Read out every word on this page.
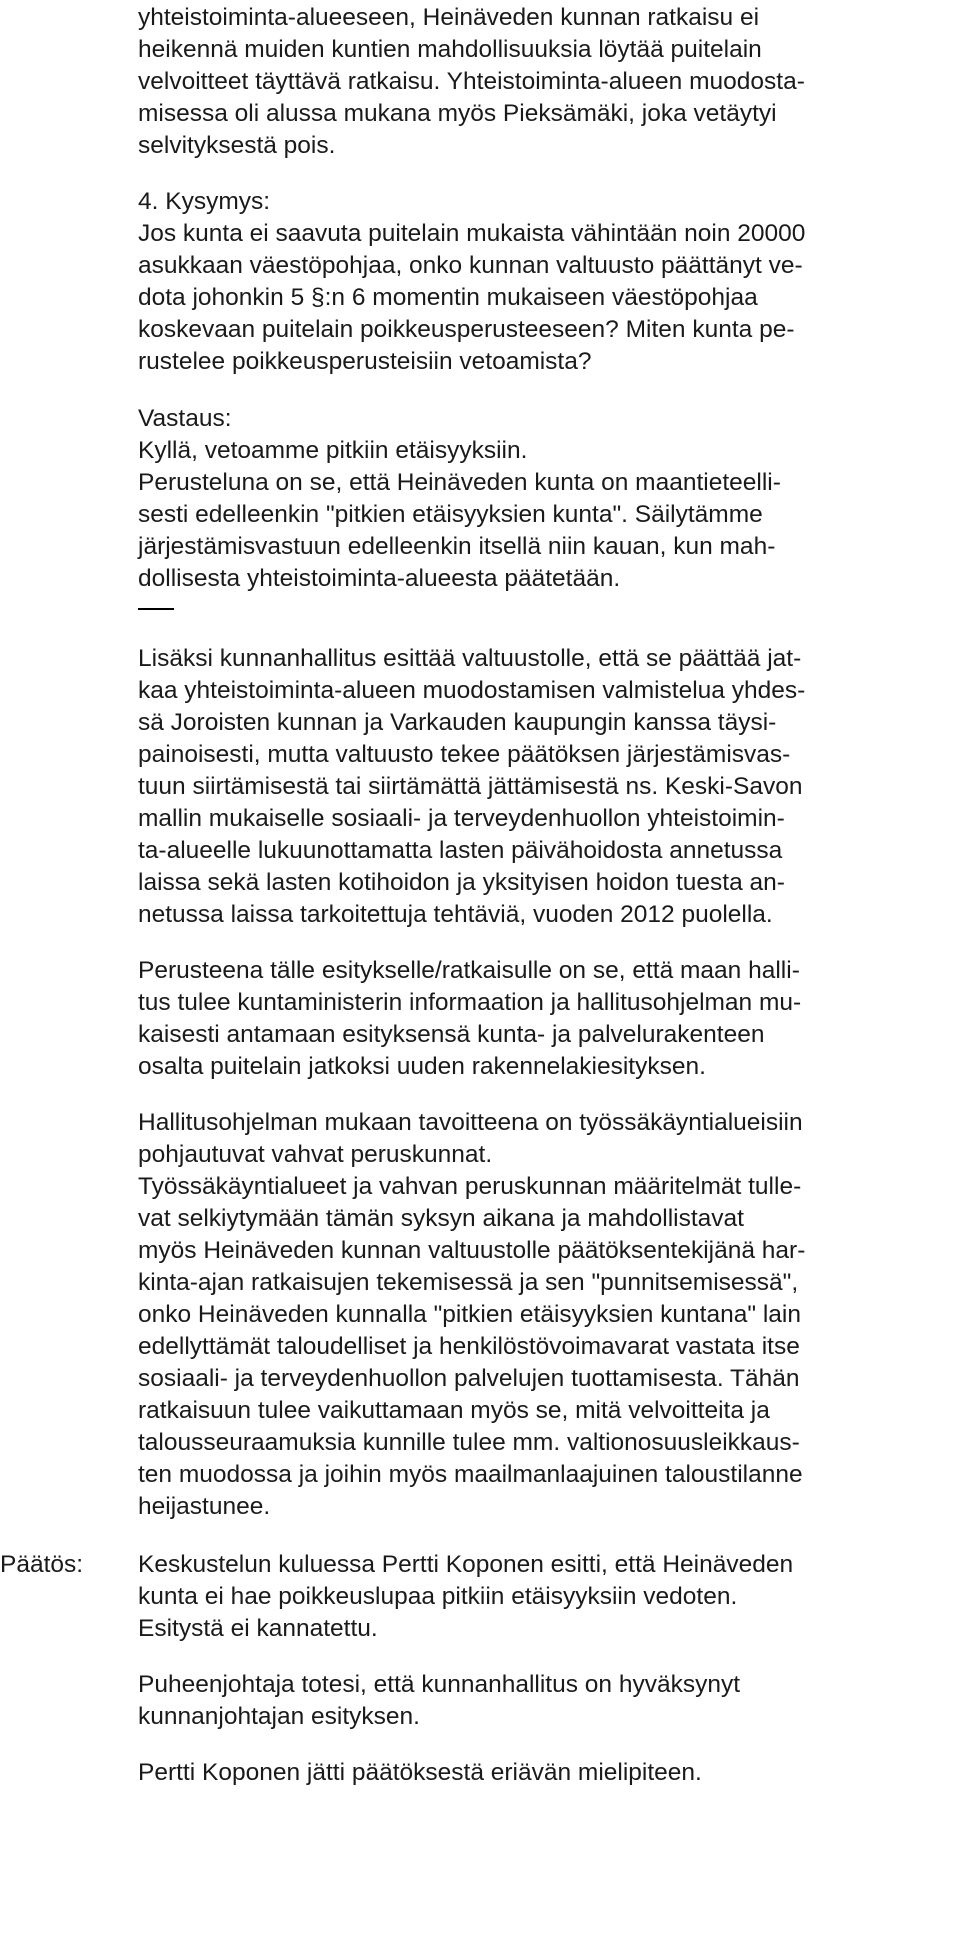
yhteistoiminta-alueeseen, Heinäveden kunnan ratkaisu ei
heikennä muiden kuntien mahdollisuuksia löytää puitelain
velvoitteet täyttävä ratkaisu. Yhteistoiminta-alueen muodosta-
misessa oli alussa mukana myös Pieksämäki, joka vetäytyi
selvityksestä pois.
4. Kysymys:
Jos kunta ei saavuta puitelain mukaista vähintään noin 20000
asukkaan väestöpohjaa, onko kunnan valtuusto päättänyt ve-
dota johonkin 5 §:n 6 momentin mukaiseen väestöpohjaa
koskevaan puitelain poikkeusperusteeseen? Miten kunta pe-
rustelee poikkeusperusteisiin vetoamista?
Vastaus:
Kyllä, vetoamme pitkiin etäisyyksiin.
Perusteluna on se, että Heinäveden kunta on maantieteelli-
sesti edelleenkin "pitkien etäisyyksien kunta". Säilytämme
järjestämisvastuun edelleenkin itsellä niin kauan, kun mah-
dollisesta yhteistoiminta-alueesta päätetään.
Lisäksi kunnanhallitus esittää valtuustolle, että se päättää jat-
kaa yhteistoiminta-alueen muodostamisen valmistelua yhdes-
sä Joroisten kunnan ja Varkauden kaupungin kanssa täysi-
painoisesti, mutta valtuusto tekee päätöksen järjestämisvas-
tuun siirtämisestä tai siirtämättä jättämisestä ns. Keski-Savon
mallin mukaiselle sosiaali- ja terveydenhuollon yhteistoimin-
ta-alueelle lukuunottamatta lasten päivähoidosta annetussa
laissa sekä lasten kotihoidon ja yksityisen hoidon tuesta an-
netussa laissa tarkoitettuja tehtäviä, vuoden 2012 puolella.
Perusteena tälle esitykselle/ratkaisulle on se, että maan halli-
tus tulee kuntaministerin informaation ja hallitusohjelman mu-
kaisesti antamaan esityksensä kunta- ja palvelurakenteen
osalta puitelain jatkoksi uuden rakennelakiesityksen.
Hallitusohjelman mukaan tavoitteena on työssäkäyntialueisiin
pohjautuvat vahvat peruskunnat.
Työssäkäyntialueet ja vahvan peruskunnan määritelmät tulle-
vat selkiytymään tämän syksyn aikana ja mahdollistavat
myös Heinäveden kunnan valtuustolle päätöksentekijänä har-
kinta-ajan ratkaisujen tekemisessä ja sen "punnitsemisessä",
onko Heinäveden kunnalla "pitkien etäisyyksien kuntana" lain
edellyttämät taloudelliset ja henkilöstövoimavarat vastata itse
sosiaali- ja terveydenhuollon palvelujen tuottamisesta. Tähän
ratkaisuun tulee vaikuttamaan myös se, mitä velvoitteita ja
talousseuraamuksia kunnille tulee mm. valtionosuusleikkaus-
ten muodossa ja joihin myös maailmanlaajuinen taloustilanne
heijastunee.
Päätös: Keskustelun kuluessa Pertti Koponen esitti, että Heinäveden
kunta ei hae poikkeuslupaa pitkiin etäisyyksiin vedoten.
Esitystä ei kannatettu.
Puheenjohtaja totesi, että kunnanhallitus on hyväksynyt
kunnanjohtajan esityksen.
Pertti Koponen jätti päätöksestä eriävän mielipiteen.
